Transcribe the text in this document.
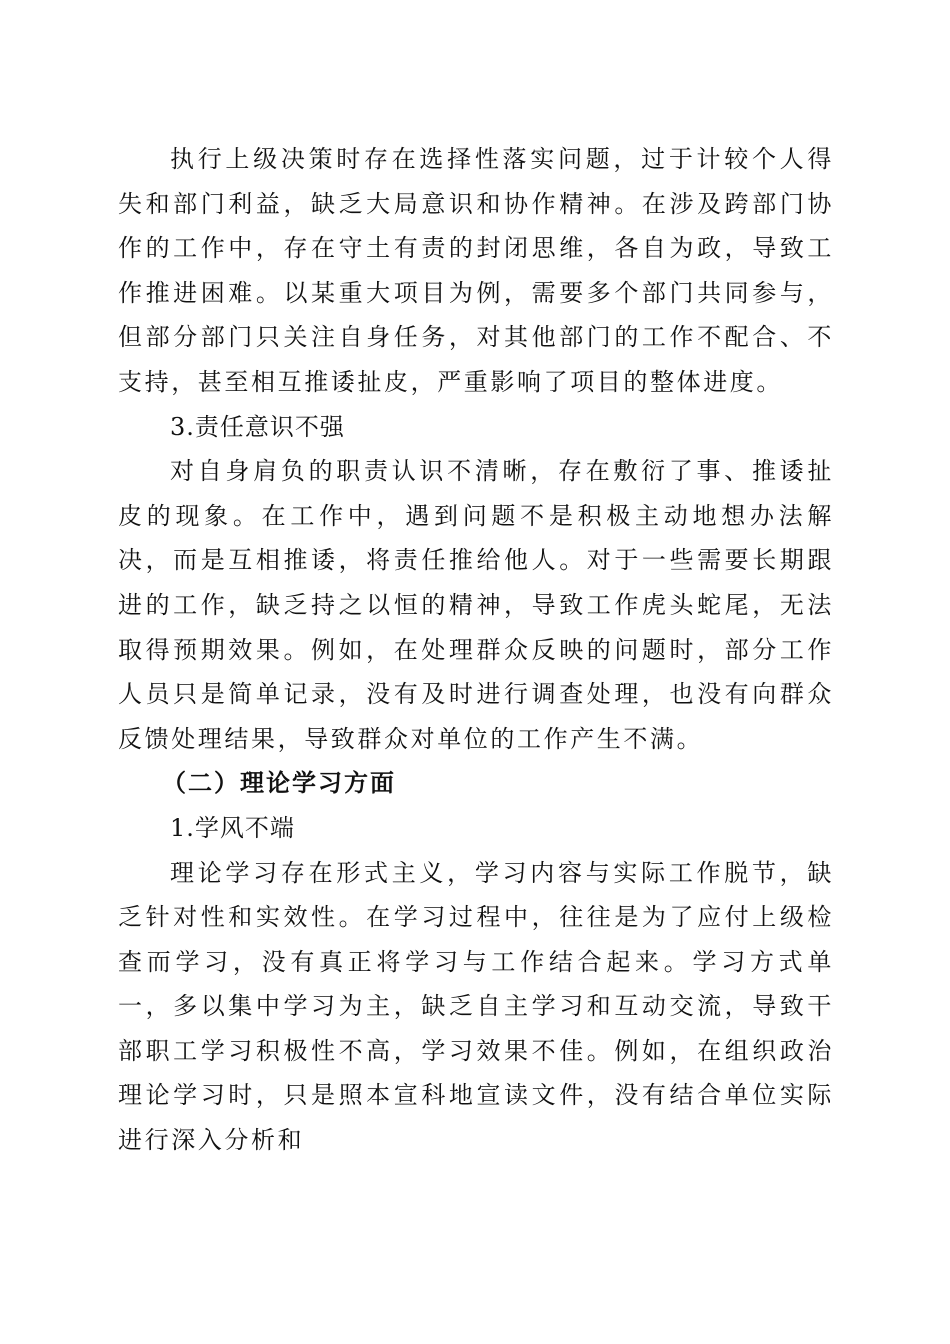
执行上级决策时存在选择性落实问题，过于计较个人得失和部门利益，缺乏大局意识和协作精神。在涉及跨部门协作的工作中，存在守土有责的封闭思维，各自为政，导致工作推进困难。以某重大项目为例，需要多个部门共同参与，但部分部门只关注自身任务，对其他部门的工作不配合、不支持，甚至相互推诿扯皮，严重影响了项目的整体进度。

3.责任意识不强

对自身肩负的职责认识不清晰，存在敷衍了事、推诿扯皮的现象。在工作中，遇到问题不是积极主动地想办法解决，而是互相推诿，将责任推给他人。对于一些需要长期跟进的工作，缺乏持之以恒的精神，导致工作虎头蛇尾，无法取得预期效果。例如，在处理群众反映的问题时，部分工作人员只是简单记录，没有及时进行调查处理，也没有向群众反馈处理结果，导致群众对单位的工作产生不满。

（二）理论学习方面

1.学风不端

理论学习存在形式主义，学习内容与实际工作脱节，缺乏针对性和实效性。在学习过程中，往往是为了应付上级检查而学习，没有真正将学习与工作结合起来。学习方式单一，多以集中学习为主，缺乏自主学习和互动交流，导致干部职工学习积极性不高，学习效果不佳。例如，在组织政治理论学习时，只是照本宣科地宣读文件，没有结合单位实际进行深入分析和
